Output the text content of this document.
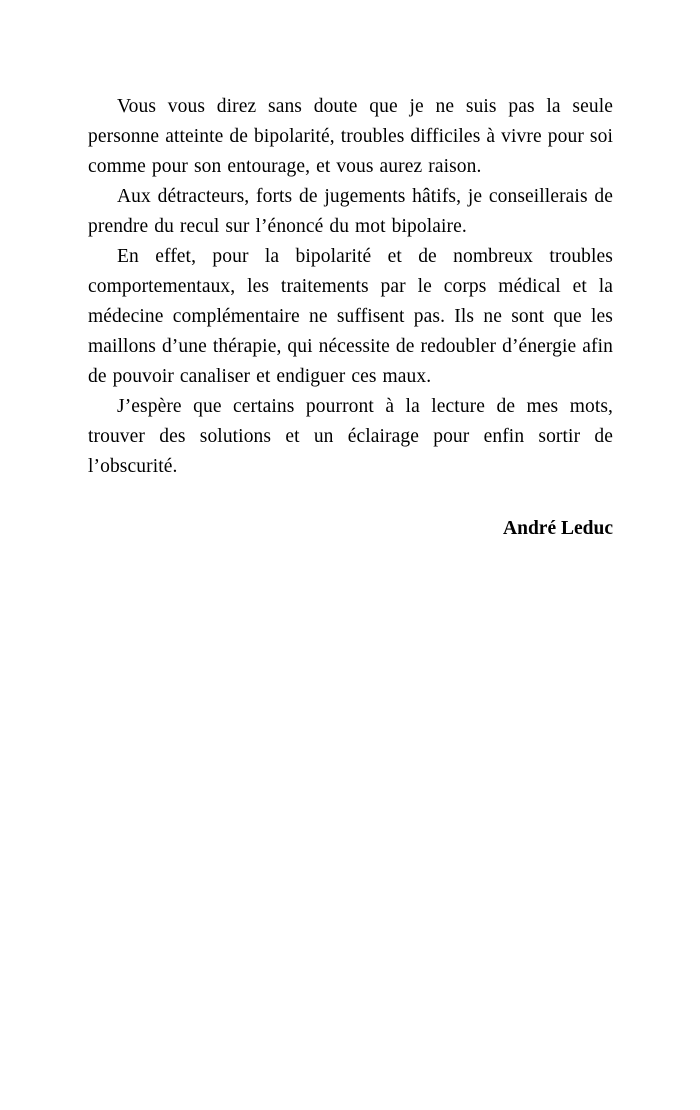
Vous vous direz sans doute que je ne suis pas la seule personne atteinte de bipolarité, troubles difficiles à vivre pour soi comme pour son entourage, et vous aurez raison.

Aux détracteurs, forts de jugements hâtifs, je conseillerais de prendre du recul sur l’énoncé du mot bipolaire.

En effet, pour la bipolarité et de nombreux troubles comportementaux, les traitements par le corps médical et la médecine complémentaire ne suffisent pas. Ils ne sont que les maillons d’une thérapie, qui nécessite de redoubler d’énergie afin de pouvoir canaliser et endiguer ces maux.

J’espère que certains pourront à la lecture de mes mots, trouver des solutions et un éclairage pour enfin sortir de l’obscurité.

André Leduc
